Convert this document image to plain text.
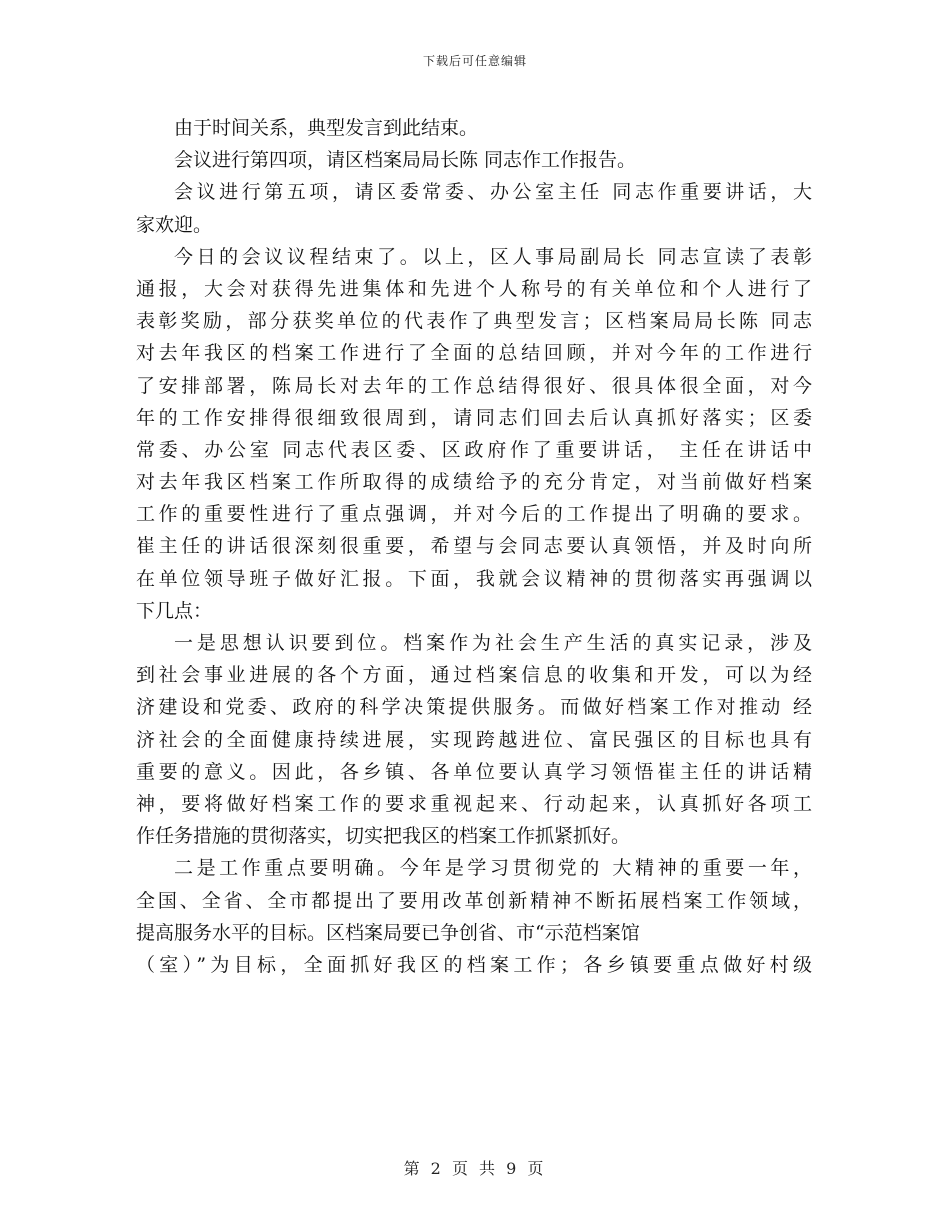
下载后可任意编辑
由于时间关系，典型发言到此结束。
会议进行第四项，请区档案局局长陈 同志作工作报告。
会议进行第五项，请区委常委、办公室主任 同志作重要讲话，大
家欢迎。
今日的会议议程结束了。以上，区人事局副局长 同志宣读了表彰
通报，大会对获得先进集体和先进个人称号的有关单位和个人进行了
表彰奖励，部分获奖单位的代表作了典型发言；区档案局局长陈 同志
对去年我区的档案工作进行了全面的总结回顾，并对今年的工作进行
了安排部署，陈局长对去年的工作总结得很好、很具体很全面，对今
年的工作安排得很细致很周到，请同志们回去后认真抓好落实；区委
常委、办公室 同志代表区委、区政府作了重要讲话， 主任在讲话中
对去年我区档案工作所取得的成绩给予的充分肯定，对当前做好档案
工作的重要性进行了重点强调，并对今后的工作提出了明确的要求。
崔主任的讲话很深刻很重要，希望与会同志要认真领悟，并及时向所
在单位领导班子做好汇报。下面，我就会议精神的贯彻落实再强调以
下几点：
一是思想认识要到位。档案作为社会生产生活的真实记录，涉及
到社会事业进展的各个方面，通过档案信息的收集和开发，可以为经
济建设和党委、政府的科学决策提供服务。而做好档案工作对推动 经
济社会的全面健康持续进展，实现跨越进位、富民强区的目标也具有
重要的意义。因此，各乡镇、各单位要认真学习领悟崔主任的讲话精
神，要将做好档案工作的要求重视起来、行动起来，认真抓好各项工
作任务措施的贯彻落实，切实把我区的档案工作抓紧抓好。
二是工作重点要明确。今年是学习贯彻党的 大精神的重要一年，
全国、全省、全市都提出了要用改革创新精神不断拓展档案工作领域，
提高服务水平的目标。区档案局要已争创省、市“示范档案馆
（室）”为目标，全面抓好我区的档案工作；各乡镇要重点做好村级
第 2 页 共 9 页
